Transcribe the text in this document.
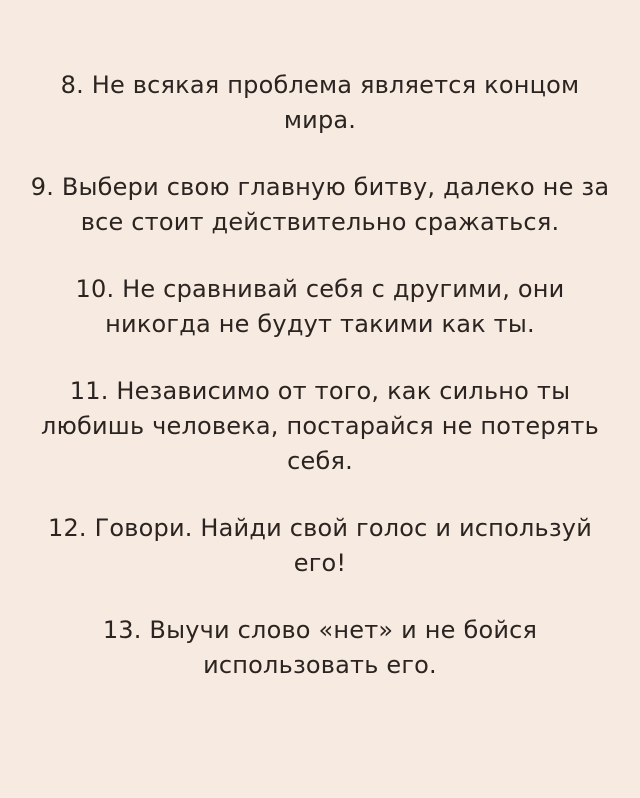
8. Не всякая проблема является концом
мира.

9. Выбери свою главную битву, далеко не за
все стоит действительно сражаться.

10. Не сравнивай себя с другими, они
никогда не будут такими как ты.

11. Независимо от того, как сильно ты
любишь человека, постарайся не потерять
себя.

12. Говори. Найди свой голос и используй
его!

13. Выучи слово «нет» и не бойся
использовать его.
